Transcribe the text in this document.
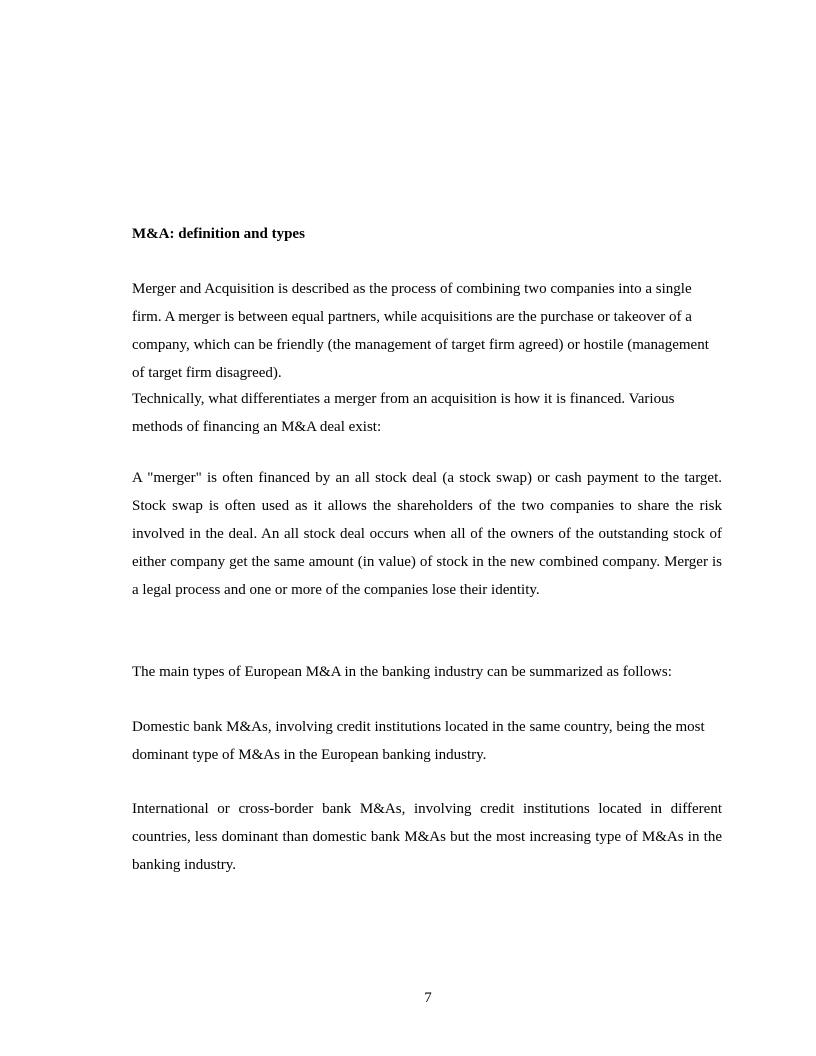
M&A: definition and types

Merger and Acquisition is described as the process of combining two companies into a single firm. A merger is between equal partners, while acquisitions are the purchase or takeover of a company, which can be friendly (the management of target firm agreed) or hostile (management of target firm disagreed).

Technically, what differentiates a merger from an acquisition is how it is financed. Various methods of financing an M&A deal exist:

A "merger" is often financed by an all stock deal (a stock swap) or cash payment to the target. Stock swap is often used as it allows the shareholders of the two companies to share the risk involved in the deal. An all stock deal occurs when all of the owners of the outstanding stock of either company get the same amount (in value) of stock in the new combined company. Merger is a legal process and one or more of the companies lose their identity.

The main types of European M&A in the banking industry can be summarized as follows:

Domestic bank M&As, involving credit institutions located in the same country, being the most dominant type of M&As in the European banking industry.

International or cross-border bank M&As, involving credit institutions located in different countries, less dominant than domestic bank M&As but the most increasing type of M&As in the banking industry.

7
